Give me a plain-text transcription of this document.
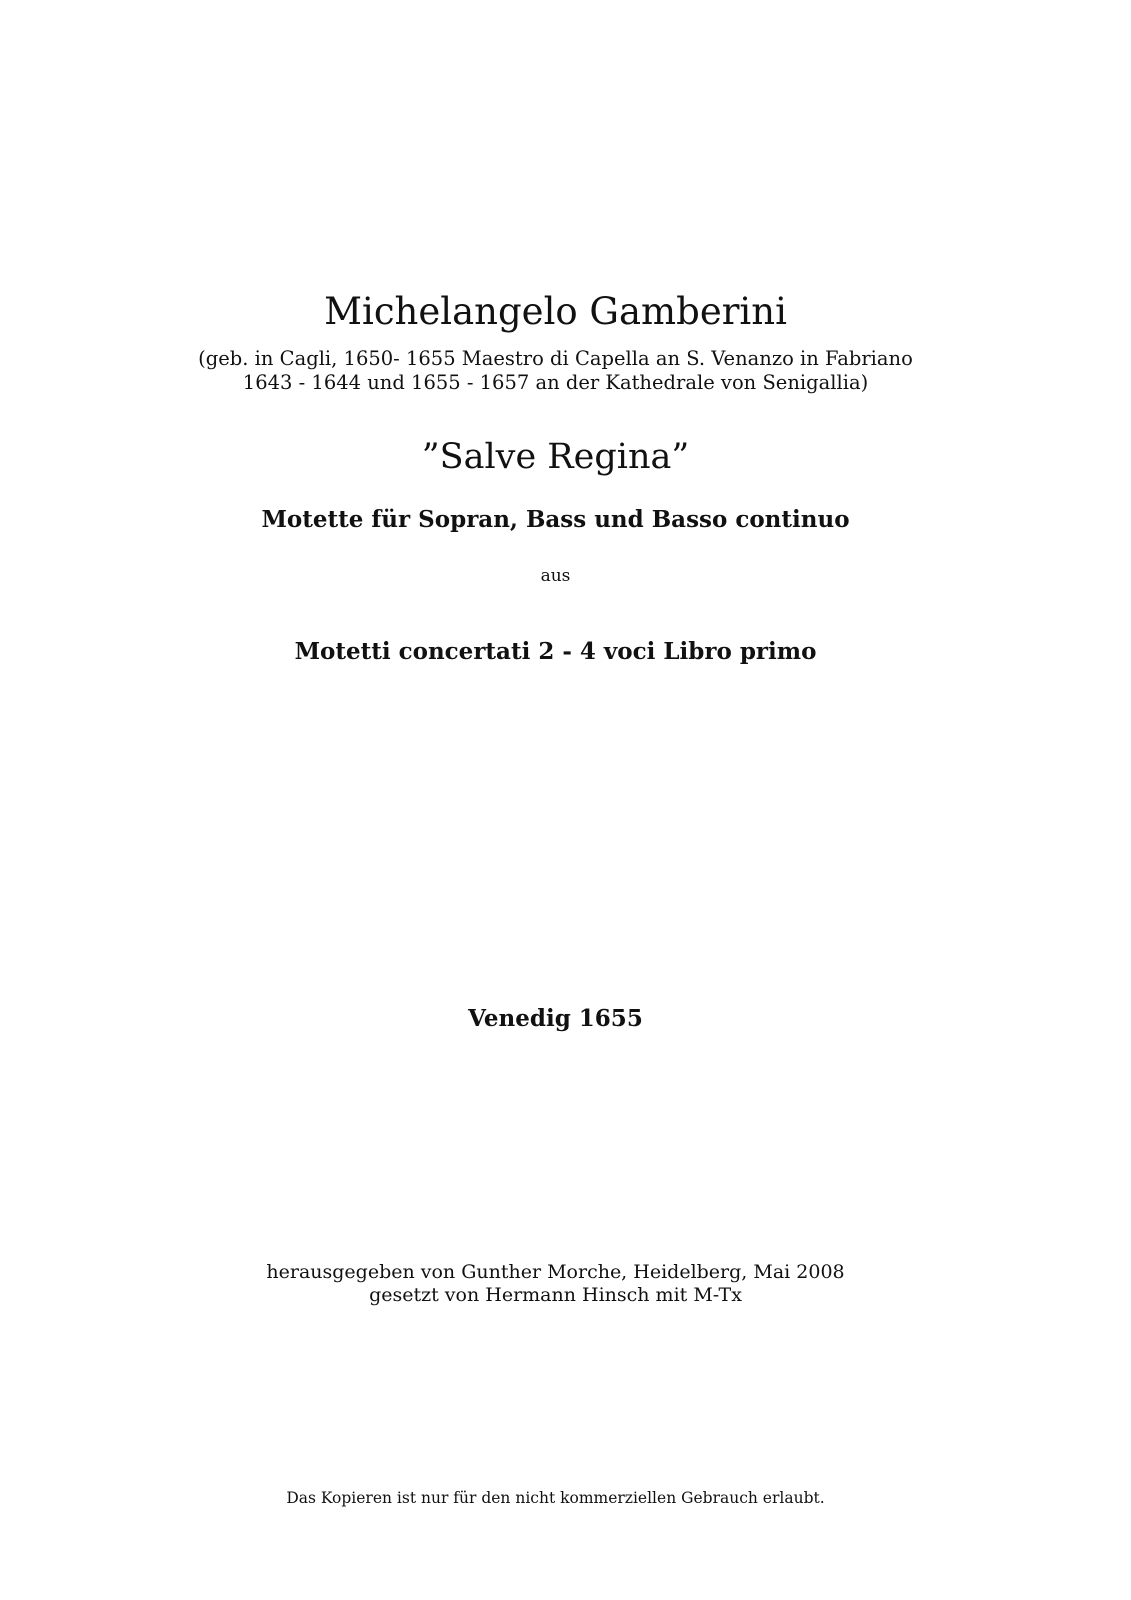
Michelangelo Gamberini
(geb. in Cagli, 1650- 1655 Maestro di Capella an S. Venanzo in Fabriano
1643 - 1644 und 1655 - 1657 an der Kathedrale von Senigallia)
”Salve Regina”
Motette für Sopran, Bass und Basso continuo
aus
Motetti concertati 2 - 4 voci Libro primo
Venedig 1655
herausgegeben von Gunther Morche, Heidelberg, Mai 2008
gesetzt von Hermann Hinsch mit M-Tx
Das Kopieren ist nur für den nicht kommerziellen Gebrauch erlaubt.
